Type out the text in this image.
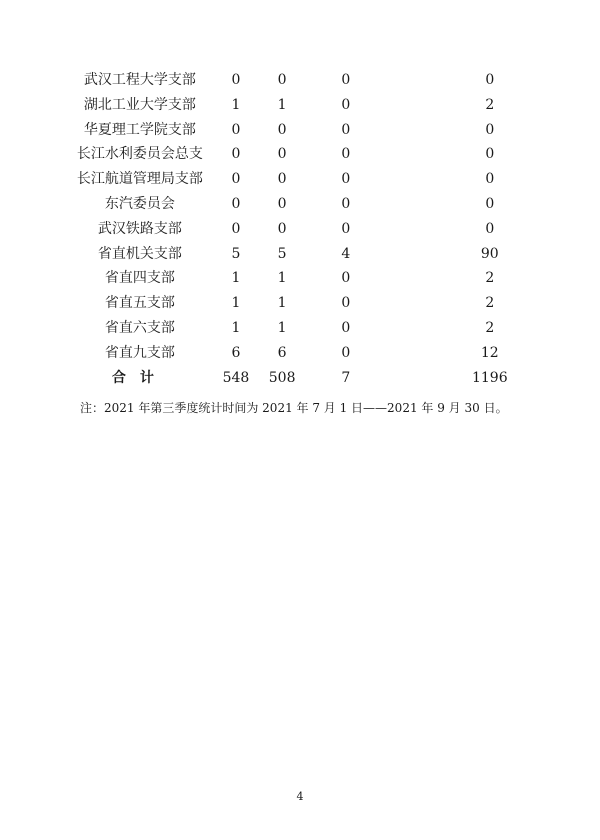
武汉工程大学支部	0	0	0	0
湖北工业大学支部	1	1	0	2
华夏理工学院支部	0	0	0	0
长江水利委员会总支	0	0	0	0
长江航道管理局支部	0	0	0	0
东汽委员会	0	0	0	0
武汉铁路支部	0	0	0	0
省直机关支部	5	5	4	90
省直四支部	1	1	0	2
省直五支部	1	1	0	2
省直六支部	1	1	0	2
省直九支部	6	6	0	12
合计	548	508	7	1196
注：2021 年第三季度统计时间为 2021 年 7 月 1 日——2021 年 9 月 30 日。
4
